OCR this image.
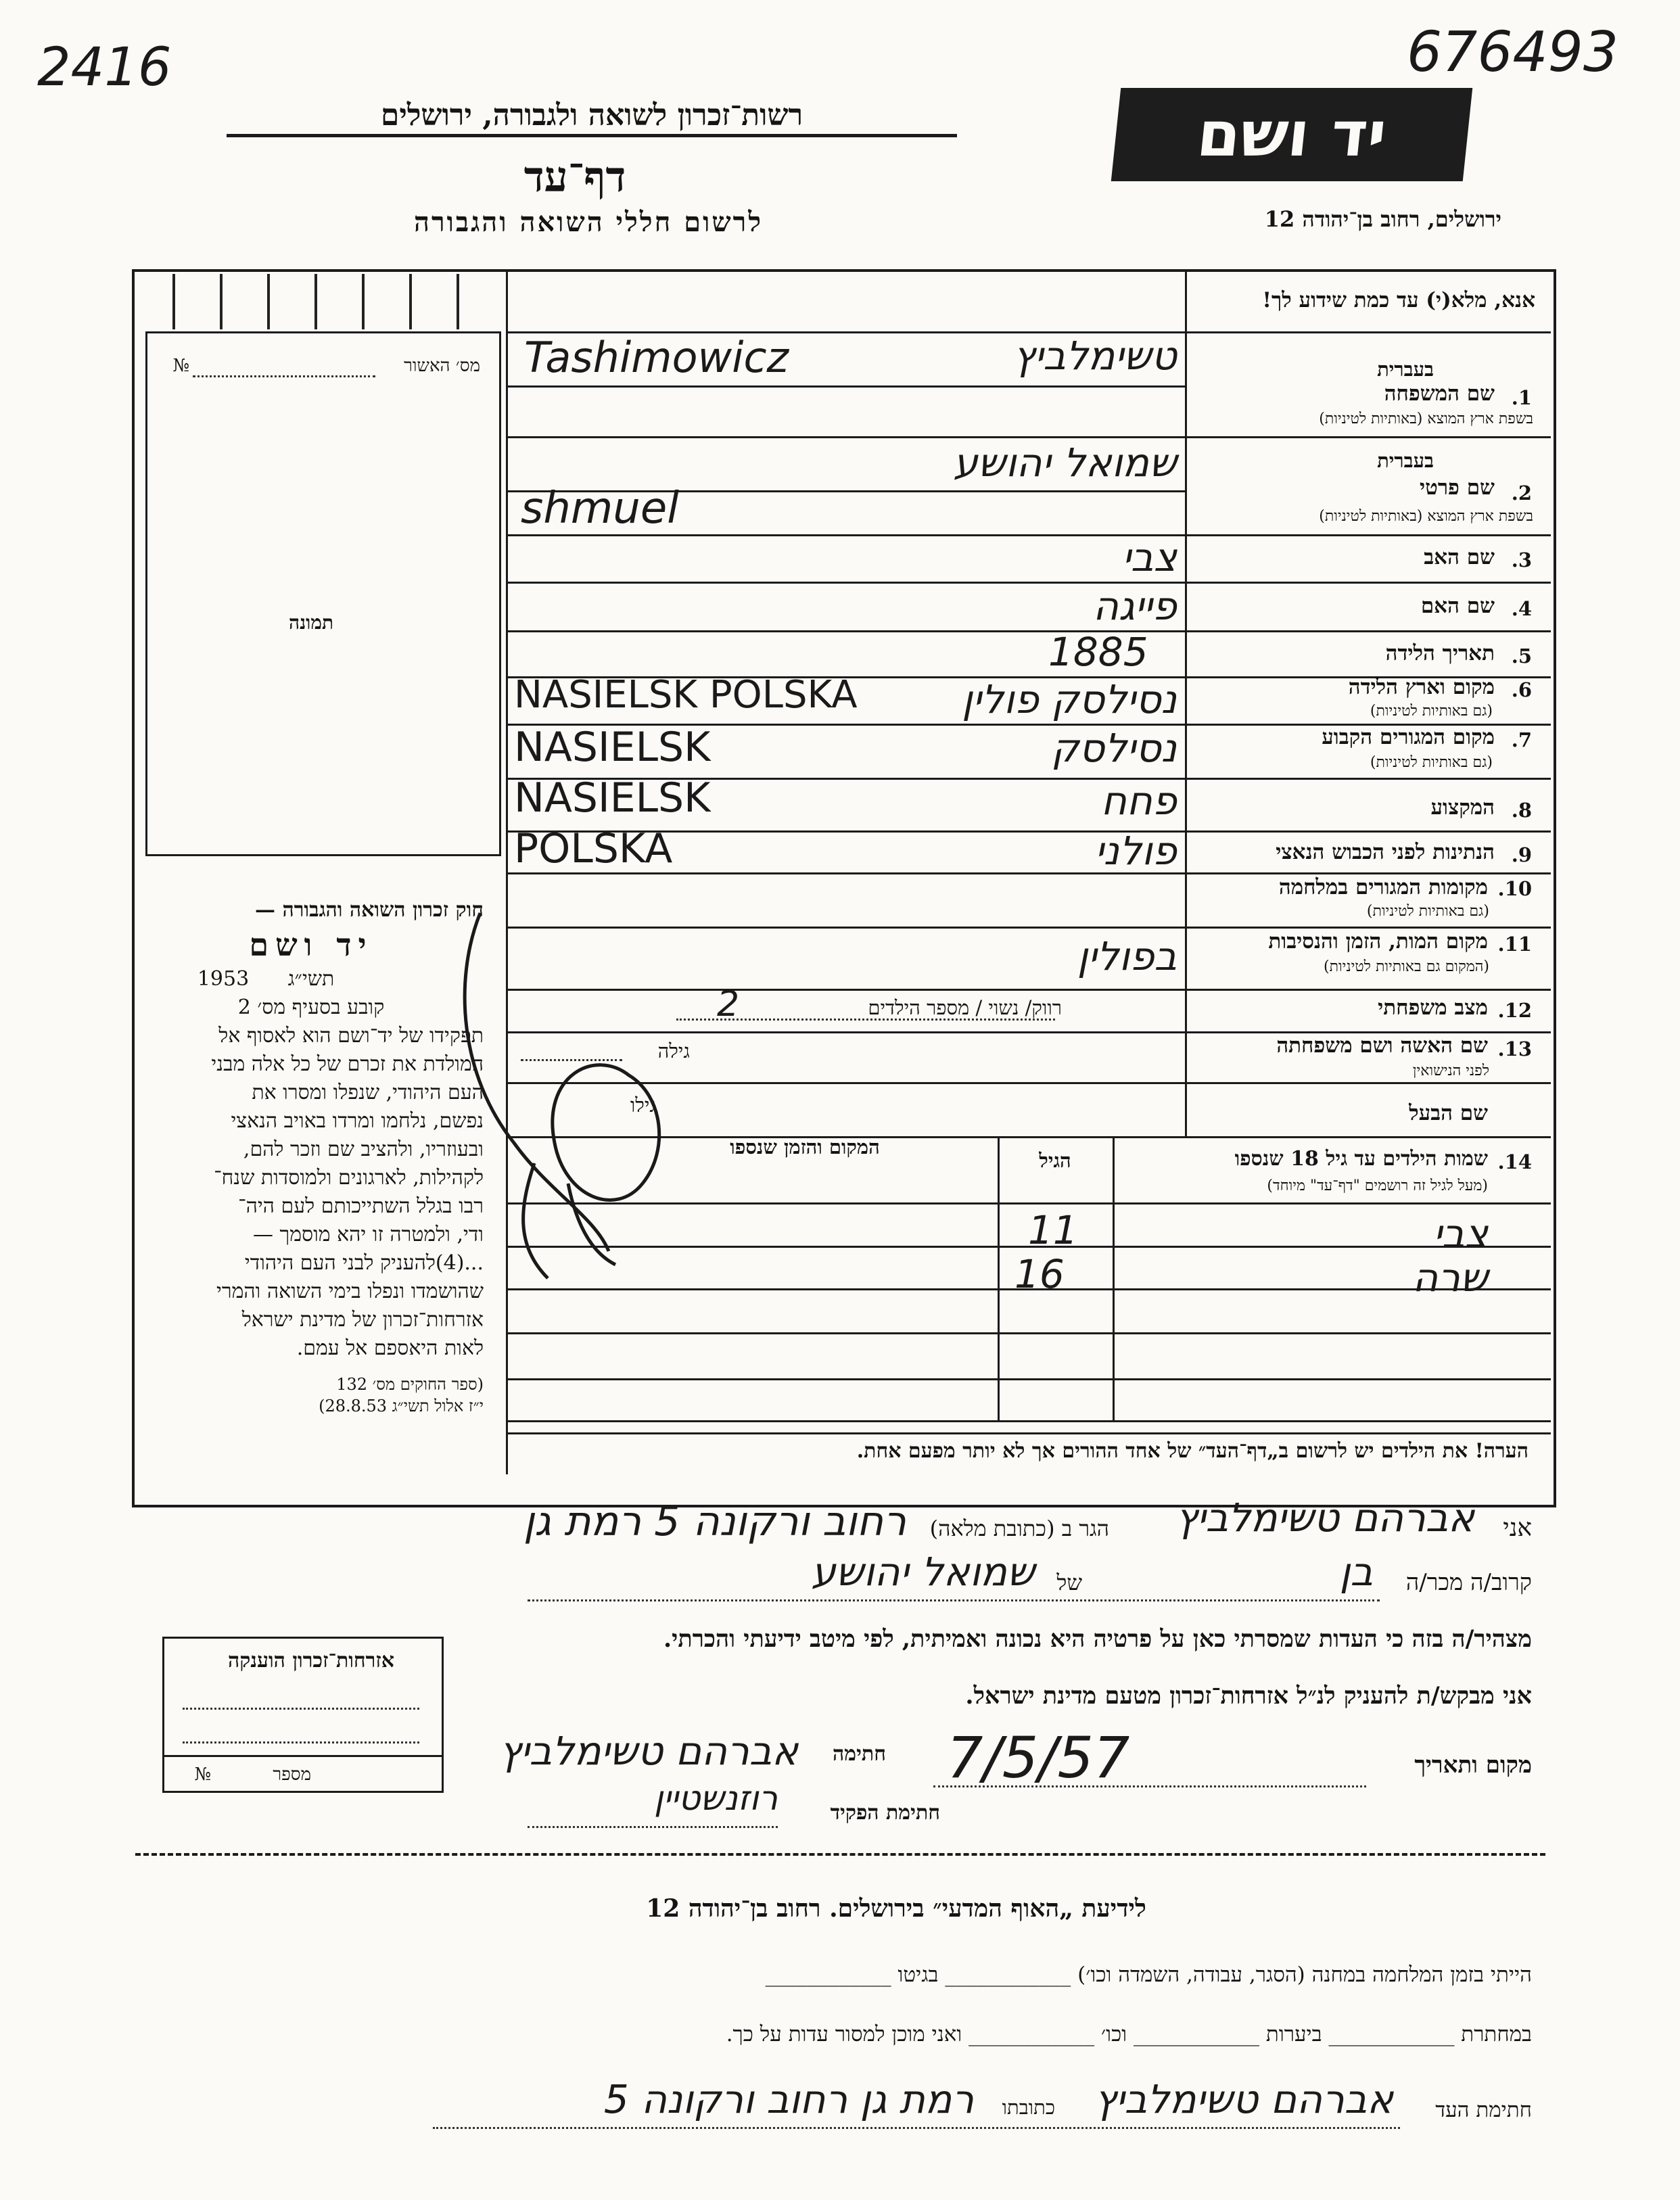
2416	676493
רשות־זכרון לשואה ולגבורה, ירושלים
דף־עד
לרשום חללי השואה והגבורה
יד ושם
ירושלים, רחוב בן־יהודה 12
מס׳ האשור
№
תמונה

חוק זכרון השואה והגבורה —

יד ושם

תשי״ג

1953

קובע בסעיף מס׳ 2

תפקידו של יד־ושם הוא לאסוף אל

המולדת את זכרם של כל אלה מבני

העם היהודי, שנפלו ומסרו את

נפשם, נלחמו ומרדו באויב הנאצי

ובעוזריו, ולהציב שם וזכר להם,

לקהילות, לארגונים ולמוסדות שנח־

רבו בגלל השתייכותם לעם היה־

ודי, ולמטרה זו יהא מוסמך —

...(4)להעניק לבני העם היהודי

שהושמדו ונפלו בימי השואה והמרי

אזרחות־זכרון של מדינת ישראל

לאות היאספם אל עמם.

(ספר החוקים מס׳ 132

י״ז אלול תשי״ג 28.8.53)

אנא, מלא(י) עד כמת שידוע לך!
בעברית
1.
שם המשפחה
בשפת ארץ המוצא (באותיות לטיניות)
טשימלביץ
Tashimowicz
בעברית
2.
שם פרטי
בשפת ארץ המוצא (באותיות לטיניות)
שמואל יהושע
shmuel
3.
שם האב
צבי
4.
שם האם
פייגה
5.
תאריך הלידה
1885
6.
מקום וארץ הלידה
(גם באותיות לטיניות)
נסילסק פולין
NASIELSK POLSKA
7.
מקום המגורים הקבוע
(גם באותיות לטיניות)
נסילסק
NASIELSK
8.
המקצוע
פחח
NASIELSK
9.
הנתינות לפני הכבוש הנאצי
פולני
POLSKA
10.
מקומות המגורים במלחמה
(גם באותיות לטיניות)
11.
מקום המות, הזמן והנסיבות
(המקום גם באותיות לטיניות)
בפולין
12.
מצב משפחתי
רווק/ נשוי / מספר הילדים
2
13.
שם האשה ושם משפחתה
לפני הנישואין
גילה
שם הבעל
גילו
14.
שמות הילדים עד גיל 18 שנספו
(מעל לגיל זה רושמים "דף־עד" מיוחד)
הגיל
המקום והזמן שנספו
צבי
11
שרה
16
הערה! את הילדים יש לרשום ב„דף־העד״ של אחד ההורים אך לא יותר מפעם אחת.
אני
אברהם טשימלביץ
הגר ב (כתובת מלאה)
רחוב ורקונה 5 רמת גן
קרוב/ה מכר/ה
בן
של
שמואל יהושע
מצהיר/ה בזה כי העדות שמסרתי כאן על פרטיה היא נכונה ואמיתית, לפי מיטב ידיעתי והכרתי.
אני מבקש/ת להעניק לנ״ל אזרחות־זכרון מטעם מדינת ישראל.
אזרחות־זכרון הוענקה
מספר
№	מקום ותאריך
7/5/57
חתימה
אברהם טשימלביץ
חתימת הפקיד
רוזנשטיין
לידיעת „האוף המדעי״ בירושלים. רחוב בן־יהודה 12
הייתי בזמן המלחמה במחנה (הסגר, עבודה, השמדה וכו׳) ____________ בגיטו ____________
במחתרת ____________ ביערות ____________ וכו׳ ____________ ואני מוכן למסור עדות על כך.
חתימת העד
אברהם טשימלביץ
כתובתו
רמת גן רחוב ורקונה 5
